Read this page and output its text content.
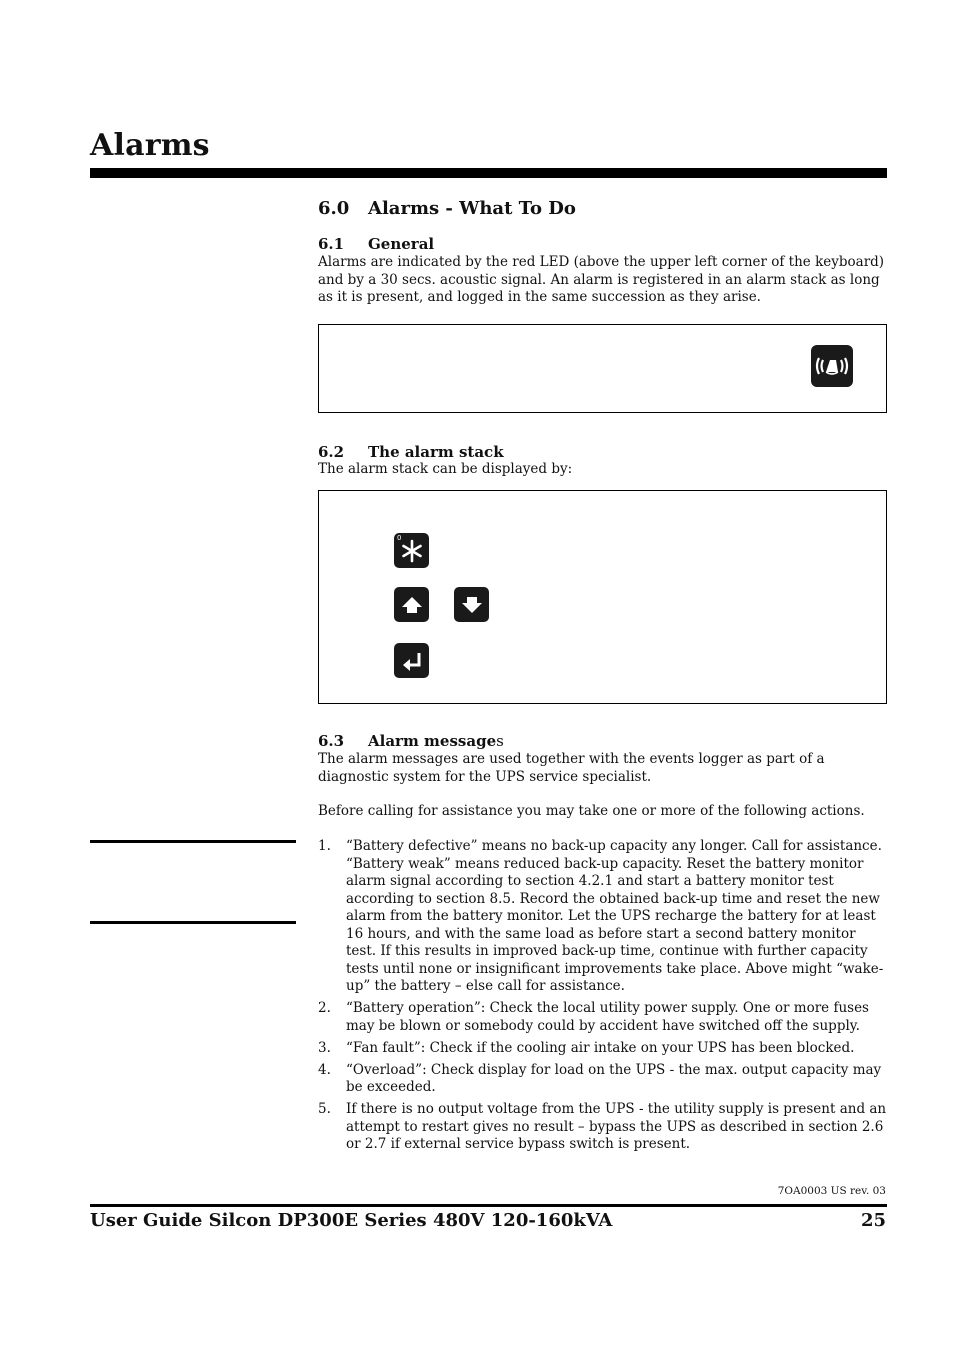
Alarms
6.0 Alarms - What To Do
6.1 General
Alarms are indicated by the red LED (above the upper left corner of the keyboard) and by a 30 secs. acoustic signal. An alarm is registered in an alarm stack as long as it is present, and logged in the same succession as they arise.
6.2 The alarm stack
The alarm stack can be displayed by:
0
6.3 Alarm messages
The alarm messages are used together with the events logger as part of a diagnostic system for the UPS service specialist.
Before calling for assistance you may take one or more of the following actions.
1. “Battery defective” means no back-up capacity any longer. Call for assistance. “Battery weak” means reduced back-up capacity. Reset the battery monitor alarm signal according to section 4.2.1 and start a battery monitor test according to section 8.5. Record the obtained back-up time and reset the new alarm from the battery monitor. Let the UPS recharge the battery for at least 16 hours, and with the same load as before start a second battery monitor test. If this results in improved back-up time, continue with further capacity tests until none or insignificant improvements take place. Above might “wake-up” the battery – else call for assistance.
2. “Battery operation”: Check the local utility power supply. One or more fuses may be blown or somebody could by accident have switched off the supply.
3. “Fan fault”: Check if the cooling air intake on your UPS has been blocked.
4. “Overload”: Check display for load on the UPS - the max. output capacity may be exceeded.
5. If there is no output voltage from the UPS - the utility supply is present and an attempt to restart gives no result – bypass the UPS as described in section 2.6 or 2.7 if external service bypass switch is present.
7OA0003 US rev. 03
User Guide Silcon DP300E Series 480V 120-160kVA	25
